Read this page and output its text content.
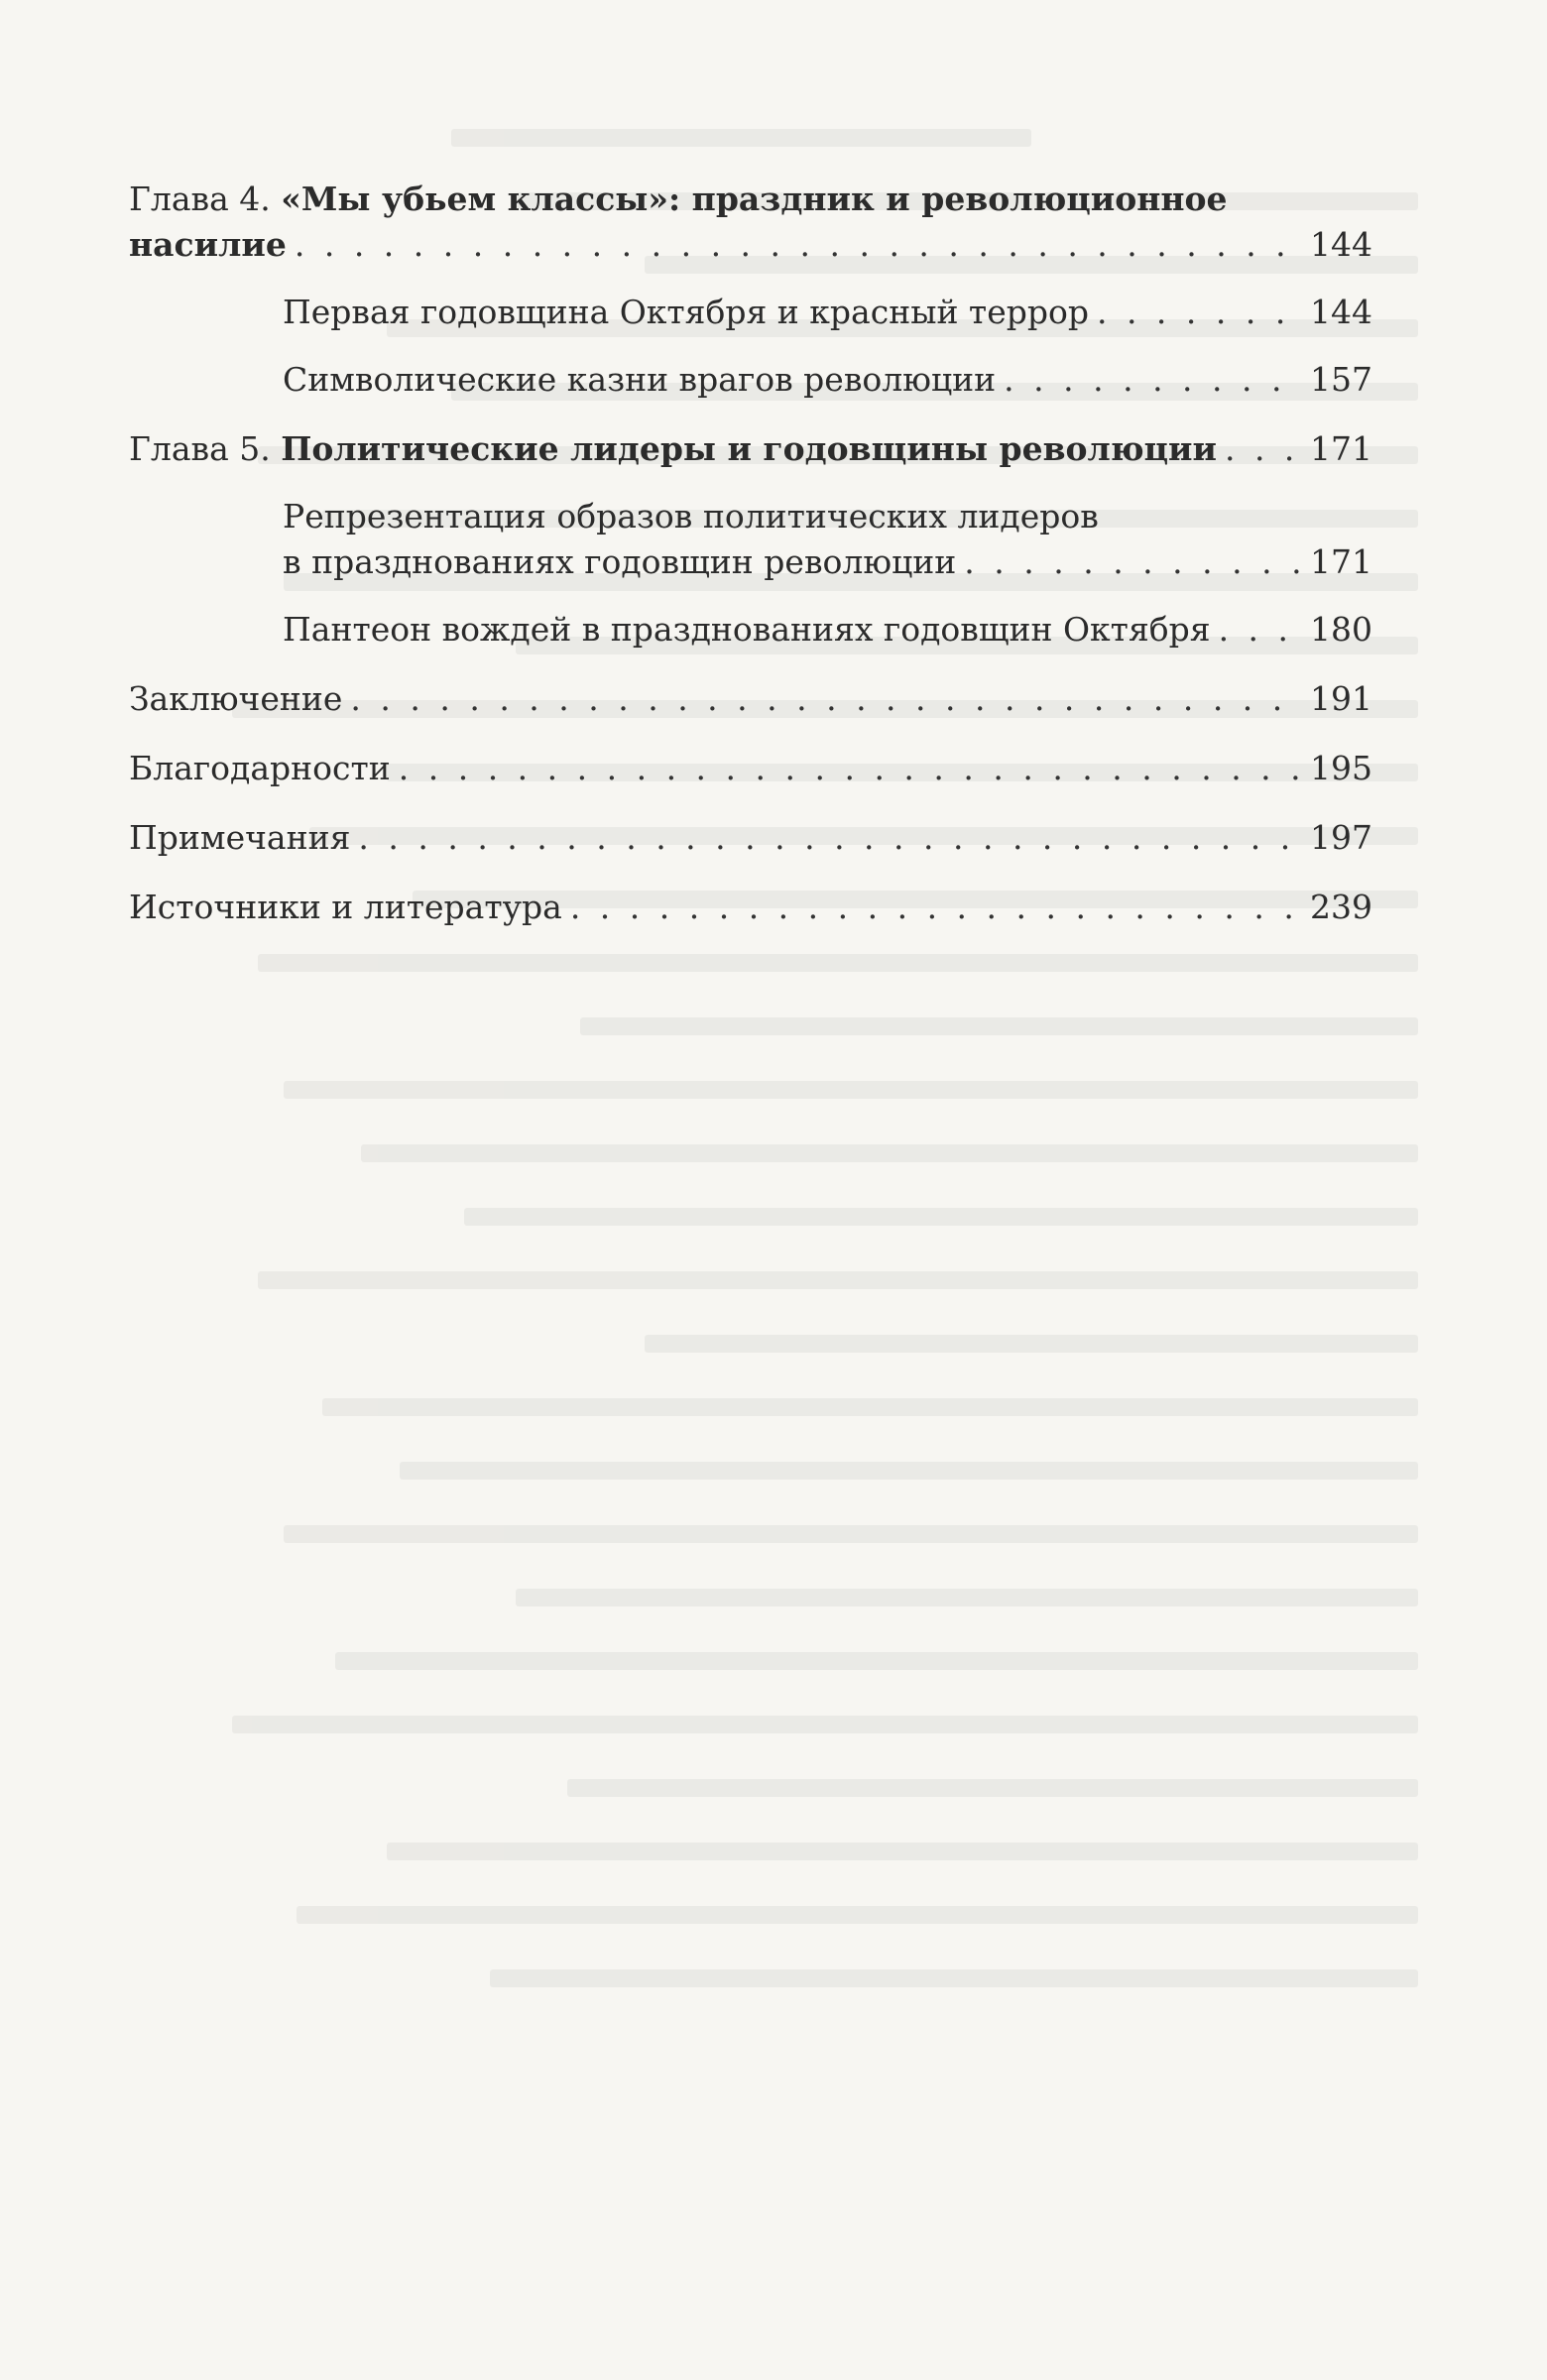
Глава 4. «Мы убьем классы»: праздник и революционное
насилие . . .	144
Первая годовщина Октября и красный террор . . .	144
Символические казни врагов революции . . .	157
Глава 5. Политические лидеры и годовщины революции . . .	171
Репрезентация образов политических лидеров
в празднованиях годовщин революции . . .	171
Пантеон вождей в празднованиях годовщин Октября . . .	180
Заключение . . .	191
Благодарности . . .	195
Примечания . . .	197
Источники и литература . . .	239
